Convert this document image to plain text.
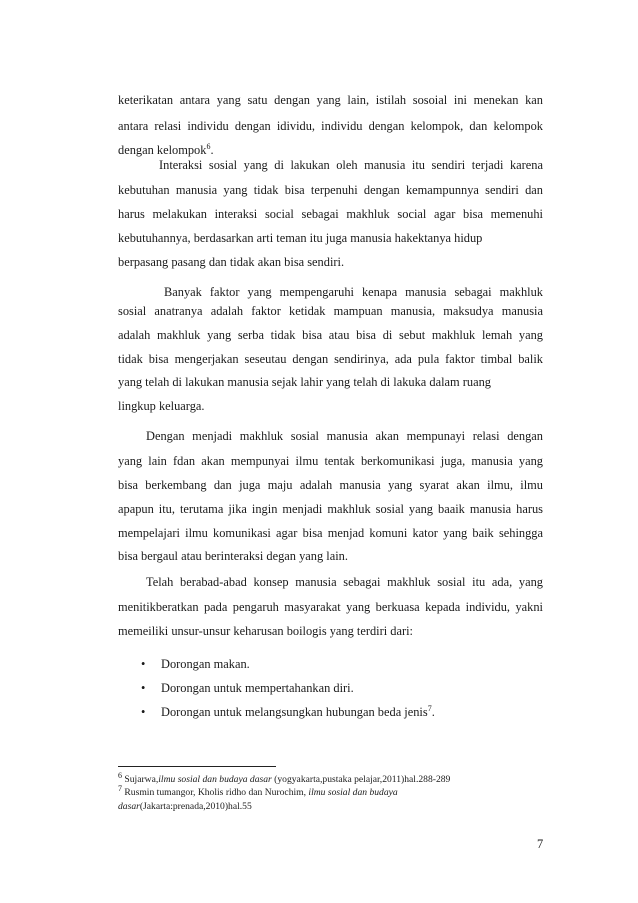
keterikatan antara yang satu dengan yang lain, istilah sosoial ini menekan kan
antara relasi individu dengan idividu, individu dengan kelompok, dan kelompok
dengan kelompok$^6$.
Interaksi sosial yang di lakukan oleh manusia itu sendiri terjadi karena
kebutuhan manusia yang tidak bisa terpenuhi dengan kemampunnya sendiri dan
harus melakukan interaksi social sebagai makhluk social agar bisa memenuhi
kebutuhannya, berdasarkan arti teman itu juga manusia hakektanya hidup
berpasang pasang dan tidak akan bisa sendiri.
Banyak faktor yang mempengaruhi kenapa manusia sebagai makhluk
sosial anatranya adalah faktor ketidak mampuan manusia, maksudya manusia
adalah makhluk yang serba tidak bisa atau bisa di sebut makhluk lemah yang
tidak bisa mengerjakan seseutau dengan sendirinya, ada pula faktor timbal balik
yang telah di lakukan manusia sejak lahir yang telah di lakuka dalam ruang
lingkup keluarga.
Dengan menjadi makhluk sosial manusia akan mempunayi relasi dengan
yang lain fdan akan mempunyai ilmu tentak berkomunikasi juga, manusia yang
bisa berkembang dan juga maju adalah manusia yang syarat akan ilmu, ilmu
apapun itu, terutama jika ingin menjadi makhluk sosial yang baaik manusia harus
mempelajari ilmu komunikasi agar bisa menjad komuni kator yang baik sehingga
bisa bergaul atau berinteraksi degan yang lain.
Telah berabad-abad konsep manusia sebagai makhluk sosial itu ada, yang
menitikberatkan pada pengaruh masyarakat yang berkuasa kepada individu, yakni
memeiliki unsur-unsur keharusan boilogis yang terdiri dari:
• Dorongan makan.
• Dorongan untuk mempertahankan diri.
• Dorongan untuk melangsungkan hubungan beda jenis$^7$.
$^6$ Sujarwa,ilmu sosial dan budaya dasar (yogyakarta,pustaka pelajar,2011)hal.288-289
$^7$ Rusmin tumangor, Kholis ridho dan Nurochim, ilmu sosial dan budaya
dasar(Jakarta:prenada,2010)hal.55
7
